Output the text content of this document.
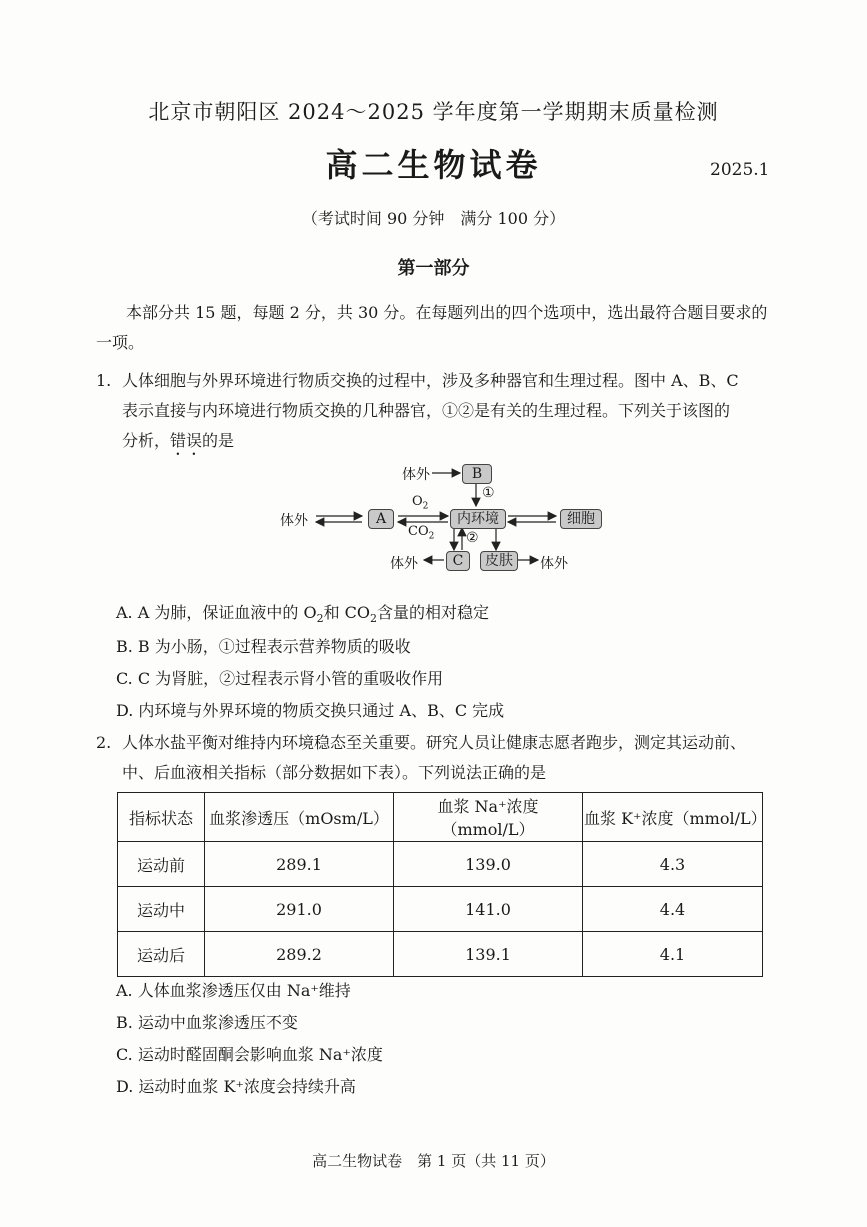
北京市朝阳区 2024～2025 学年度第一学期期末质量检测
高二生物试卷	2025.1
（考试时间 90 分钟　满分 100 分）
第一部分
本部分共 15 题，每题 2 分，共 30 分。在每题列出的四个选项中，选出最符合题目要求的一项。
1. 人体细胞与外界环境进行物质交换的过程中，涉及多种器官和生理过程。图中 A、B、C
表示直接与内环境进行物质交换的几种器官，①②是有关的生理过程。下列关于该图的
分析，错误的是
体外	B
①
体外	A
$O_2$
$CO_2$
内环境	细胞
②
体外	C	皮肤	体外
A. A 为肺，保证血液中的 $O_2$和 $CO_2$含量的相对稳定
B. B 为小肠，①过程表示营养物质的吸收
C. C 为肾脏，②过程表示肾小管的重吸收作用
D. 内环境与外界环境的物质交换只通过 A、B、C 完成
2. 人体水盐平衡对维持内环境稳态至关重要。研究人员让健康志愿者跑步，测定其运动前、
中、后血液相关指标（部分数据如下表）。下列说法正确的是
指标状态	血浆渗透压（mOsm/L）	血浆 Na⁺浓度（mmol/L）	血浆 K⁺浓度（mmol/L）
运动前	289.1	139.0	4.3
运动中	291.0	141.0	4.4
运动后	289.2	139.1	4.1
A. 人体血浆渗透压仅由 Na⁺维持
B. 运动中血浆渗透压不变
C. 运动时醛固酮会影响血浆 Na⁺浓度
D. 运动时血浆 K⁺浓度会持续升高
高二生物试卷　第 1 页（共 11 页）
